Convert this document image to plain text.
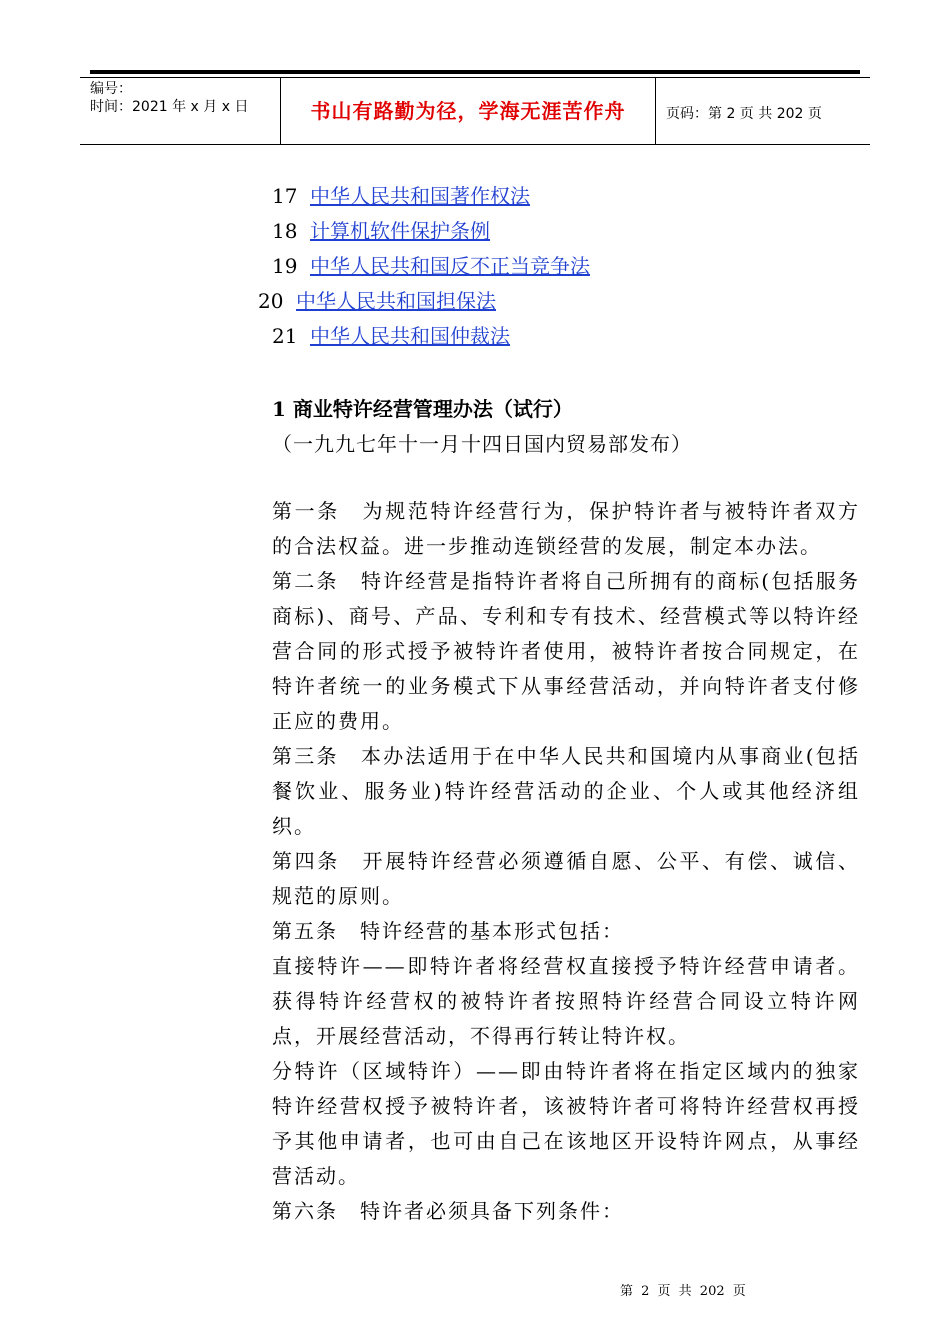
编号：
时间：2021 年 x 月 x 日	书山有路勤为径，学海无涯苦作舟	页码：第 2 页 共 202 页
17 中华人民共和国著作权法
18 计算机软件保护条例
19 中华人民共和国反不正当竞争法
20 中华人民共和国担保法
21 中华人民共和国仲裁法
1 商业特许经营管理办法（试行）
（一九九七年十一月十四日国内贸易部发布）

第一条　为规范特许经营行为，保护特许者与被特许者双方的合法权益。进一步推动连锁经营的发展，制定本办法。

第二条　特许经营是指特许者将自己所拥有的商标(包括服务商标)、商号、产品、专利和专有技术、经营模式等以特许经营合同的形式授予被特许者使用，被特许者按合同规定，在特许者统一的业务模式下从事经营活动，并向特许者支付修正应的费用。

第三条　本办法适用于在中华人民共和国境内从事商业(包括餐饮业、服务业)特许经营活动的企业、个人或其他经济组织。

第四条　开展特许经营必须遵循自愿、公平、有偿、诚信、规范的原则。

第五条　特许经营的基本形式包括：

直接特许——即特许者将经营权直接授予特许经营申请者。获得特许经营权的被特许者按照特许经营合同设立特许网点，开展经营活动，不得再行转让特许权。

分特许（区域特许）——即由特许者将在指定区域内的独家特许经营权授予被特许者，该被特许者可将特许经营权再授予其他申请者，也可由自己在该地区开设特许网点，从事经营活动。

第六条　特许者必须具备下列条件：

第 2 页 共 202 页
